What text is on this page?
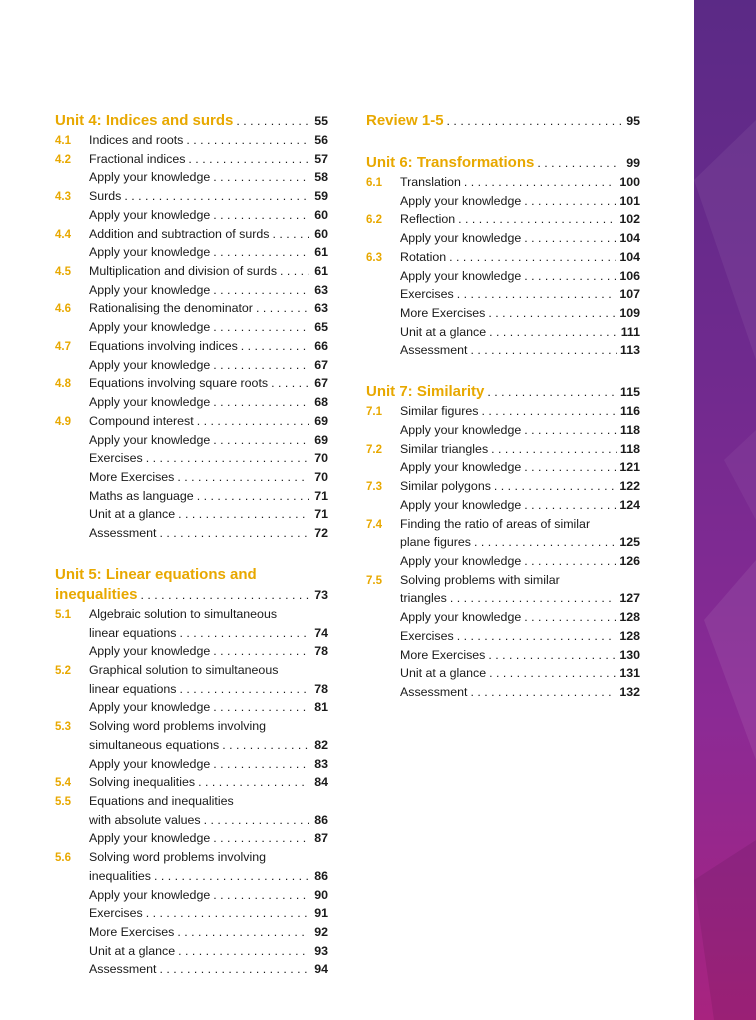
Unit 4: Indices and surds . . .	55
4.1	Indices and roots . . .	56
4.2	Fractional indices . . .	57
Apply your knowledge . . .	58
4.3	Surds . . .	59
Apply your knowledge . . .	60
4.4	Addition and subtraction of surds . . .	60
Apply your knowledge . . .	61
4.5	Multiplication and division of surds . . .	61
Apply your knowledge . . .	63
4.6	Rationalising the denominator . . .	63
Apply your knowledge . . .	65
4.7	Equations involving indices . . .	66
Apply your knowledge . . .	67
4.8	Equations involving square roots . . .	67
Apply your knowledge . . .	68
4.9	Compound interest . . .	69
Apply your knowledge . . .	69
Exercises . . .	70
More Exercises . . .	70
Maths as language . . .	71
Unit at a glance . . .	71
Assessment . . .	72
Unit 5: Linear equations and
inequalities . . .	73
5.1	Algebraic solution to simultaneous
linear equations . . .	74
Apply your knowledge . . .	78
5.2	Graphical solution to simultaneous
linear equations . . .	78
Apply your knowledge . . .	81
5.3	Solving word problems involving
simultaneous equations . . .	82
Apply your knowledge . . .	83
5.4	Solving inequalities . . .	84
5.5	Equations and inequalities
with absolute values . . .	86
Apply your knowledge . . .	87
5.6	Solving word problems involving
inequalities . . .	86
Apply your knowledge . . .	90
Exercises . . .	91
More Exercises . . .	92
Unit at a glance . . .	93
Assessment . . .	94
Review 1-5 . . .	95
Unit 6: Transformations . . .	99
6.1	Translation . . .	100
Apply your knowledge . . .	101
6.2	Reflection . . .	102
Apply your knowledge . . .	104
6.3	Rotation . . .	104
Apply your knowledge . . .	106
Exercises . . .	107
More Exercises . . .	109
Unit at a glance . . .	111
Assessment . . .	113
Unit 7: Similarity . . .	115
7.1	Similar figures . . .	116
Apply your knowledge . . .	118
7.2	Similar triangles . . .	118
Apply your knowledge . . .	121
7.3	Similar polygons . . .	122
Apply your knowledge . . .	124
7.4	Finding the ratio of areas of similar
plane figures . . .	125
Apply your knowledge . . .	126
7.5	Solving problems with similar
triangles . . .	127
Apply your knowledge . . .	128
Exercises . . .	128
More Exercises . . .	130
Unit at a glance . . .	131
Assessment . . .	132
